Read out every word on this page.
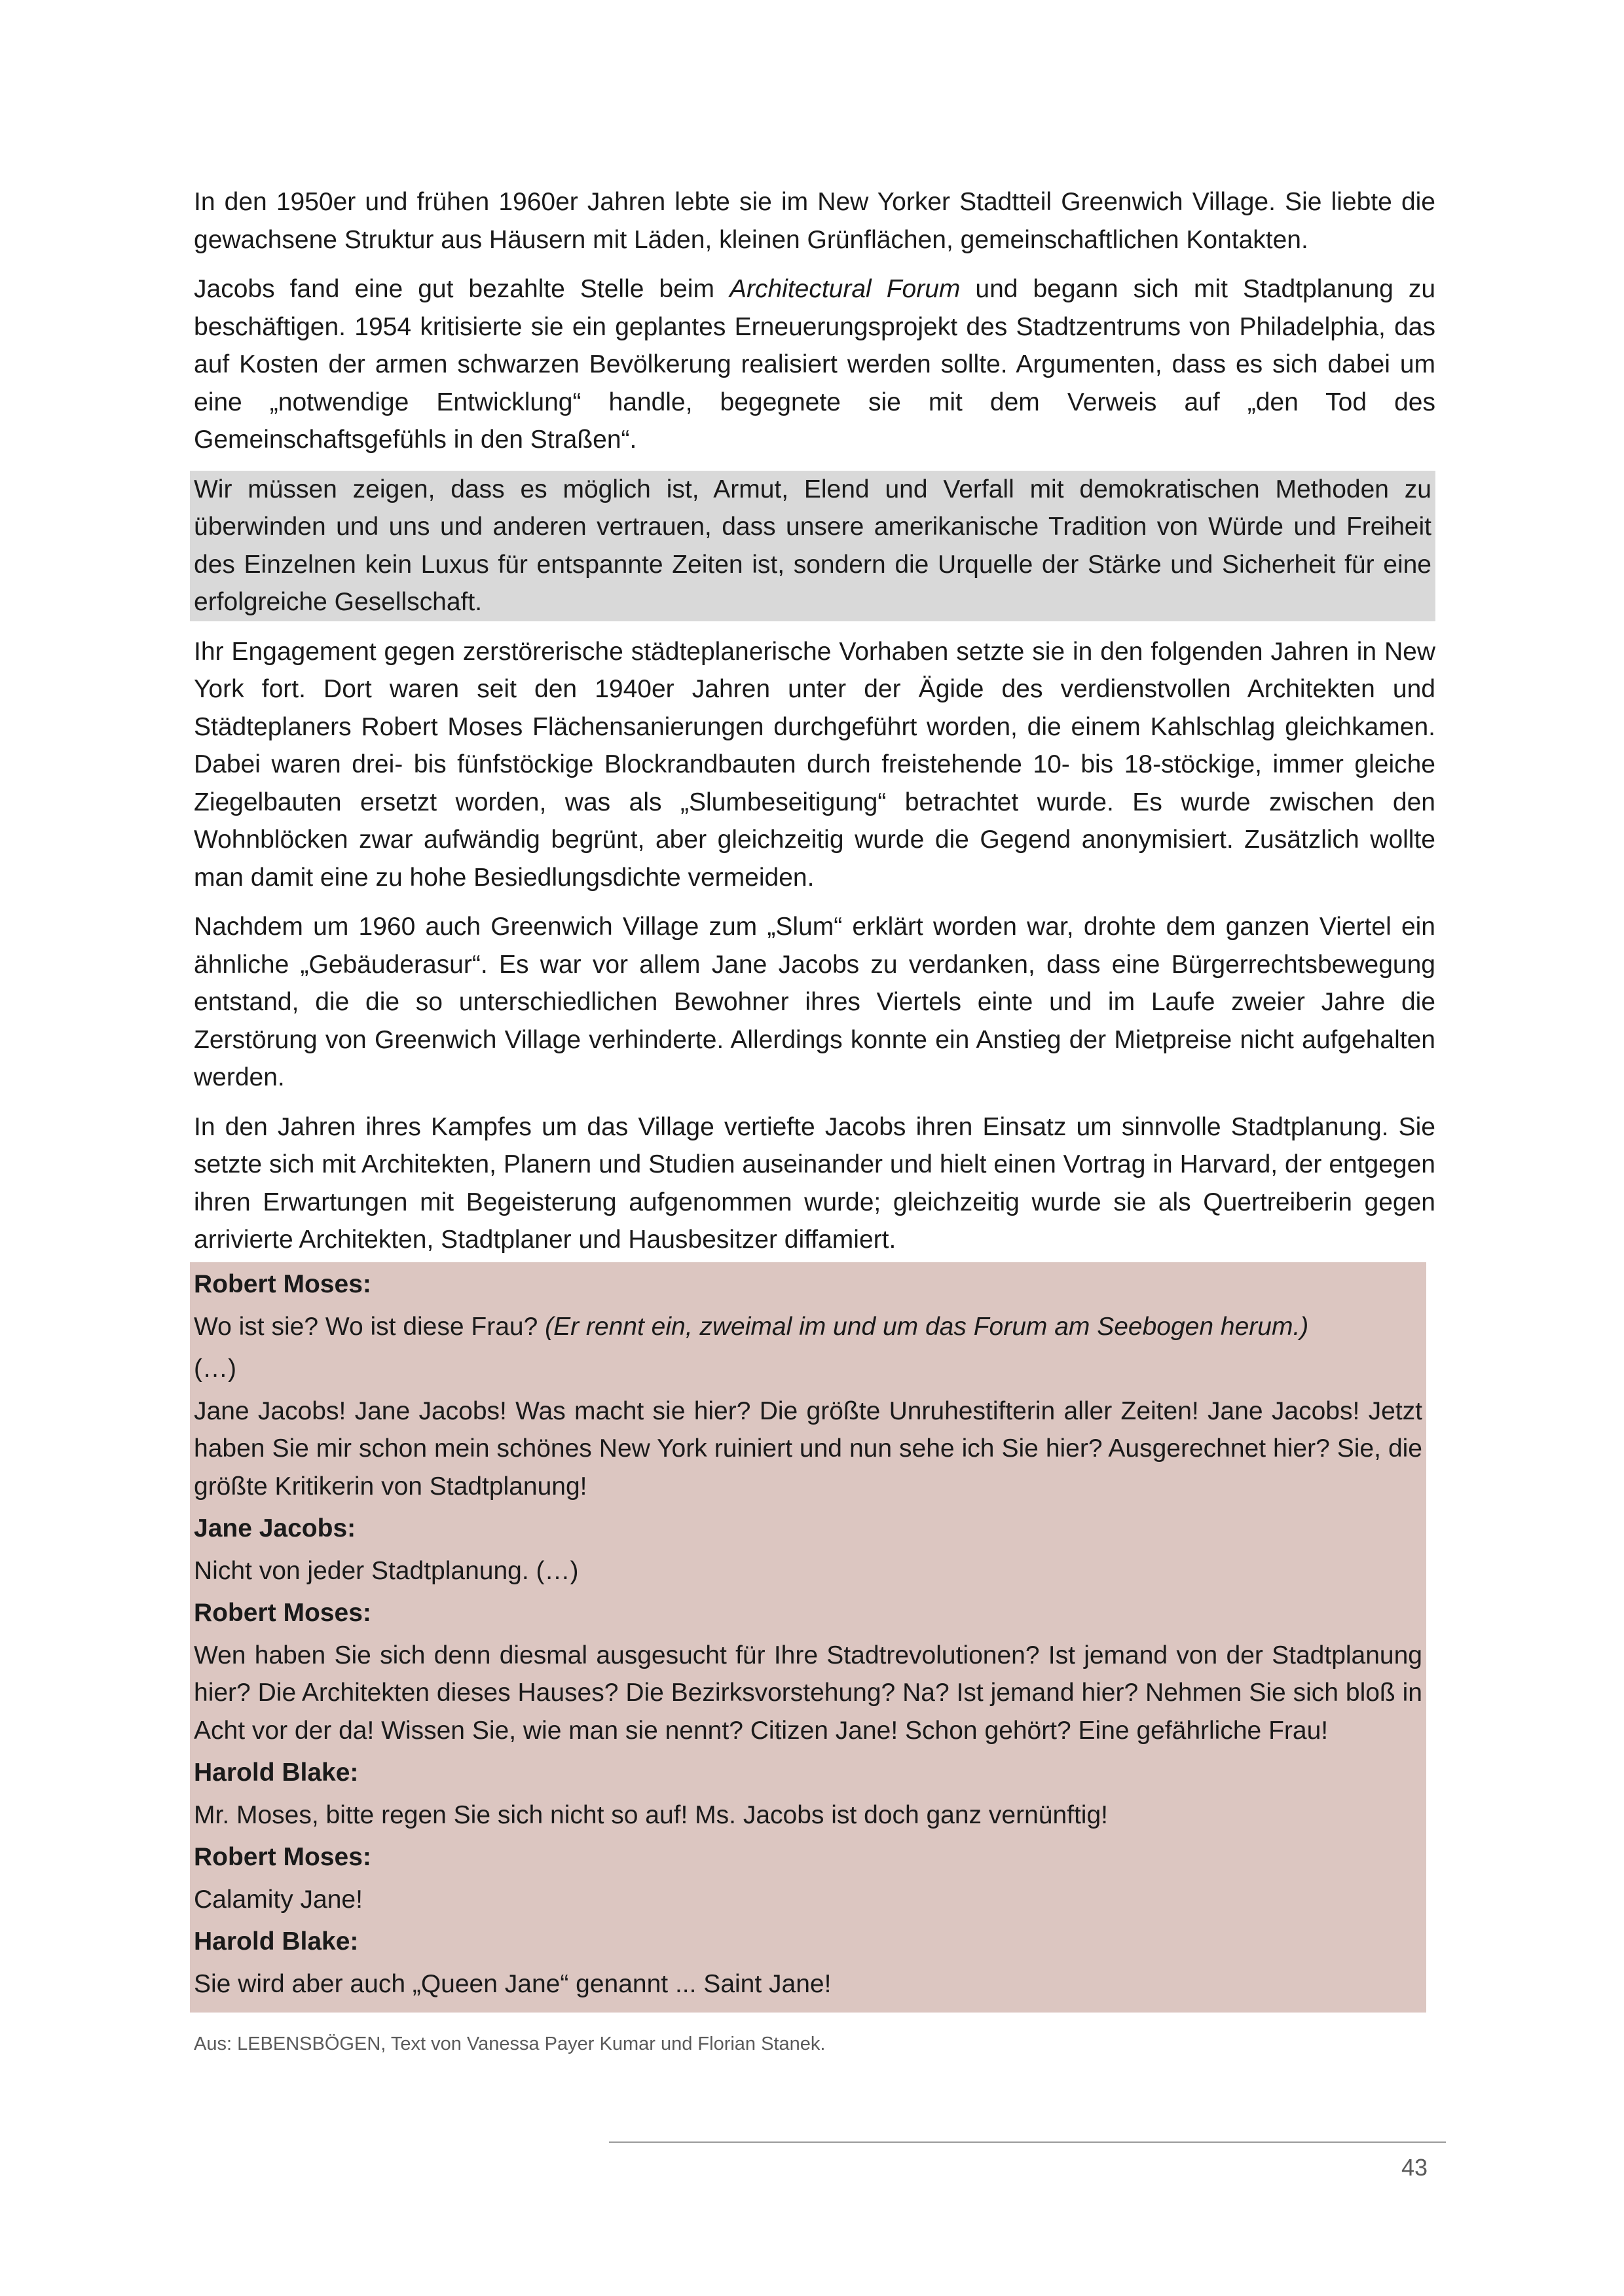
In den 1950er und frühen 1960er Jahren lebte sie im New Yorker Stadtteil Greenwich Village. Sie liebte die gewachsene Struktur aus Häusern mit Läden, kleinen Grünflächen, gemeinschaftlichen Kontakten.

Jacobs fand eine gut bezahlte Stelle beim Architectural Forum und begann sich mit Stadtplanung zu beschäftigen. 1954 kritisierte sie ein geplantes Erneuerungsprojekt des Stadtzentrums von Philadelphia, das auf Kosten der armen schwarzen Bevölkerung realisiert werden sollte. Argumenten, dass es sich dabei um eine „notwendige Entwicklung“ handle, begegnete sie mit dem Verweis auf „den Tod des Gemeinschaftsgefühls in den Straßen“.

Wir müssen zeigen, dass es möglich ist, Armut, Elend und Verfall mit demokratischen Methoden zu überwinden und uns und anderen vertrauen, dass unsere amerikanische Tradition von Würde und Freiheit des Einzelnen kein Luxus für entspannte Zeiten ist, sondern die Urquelle der Stärke und Sicherheit für eine erfolgreiche Gesellschaft.

Ihr Engagement gegen zerstörerische städteplanerische Vorhaben setzte sie in den folgenden Jahren in New York fort. Dort waren seit den 1940er Jahren unter der Ägide des verdienstvollen Architekten und Städteplaners Robert Moses Flächensanierungen durchgeführt worden, die einem Kahlschlag gleichkamen. Dabei waren drei- bis fünfstöckige Blockrandbauten durch freistehende 10- bis 18-stöckige, immer gleiche Ziegelbauten ersetzt worden, was als „Slumbeseitigung“ betrachtet wurde. Es wurde zwischen den Wohnblöcken zwar aufwändig begrünt, aber gleichzeitig wurde die Gegend anonymisiert. Zusätzlich wollte man damit eine zu hohe Besiedlungsdichte vermeiden.

Nachdem um 1960 auch Greenwich Village zum „Slum“ erklärt worden war, drohte dem ganzen Viertel ein ähnliche „Gebäuderasur“. Es war vor allem Jane Jacobs zu verdanken, dass eine Bürgerrechtsbewegung entstand, die die so unterschiedlichen Bewohner ihres Viertels einte und im Laufe zweier Jahre die Zerstörung von Greenwich Village verhinderte. Allerdings konnte ein Anstieg der Mietpreise nicht aufgehalten werden.

In den Jahren ihres Kampfes um das Village vertiefte Jacobs ihren Einsatz um sinnvolle Stadtplanung. Sie setzte sich mit Architekten, Planern und Studien auseinander und hielt einen Vortrag in Harvard, der entgegen ihren Erwartungen mit Begeisterung aufgenommen wurde; gleichzeitig wurde sie als Quertreiberin gegen arrivierte Architekten, Stadtplaner und Hausbesitzer diffamiert.

Robert Moses:
Wo ist sie? Wo ist diese Frau? (Er rennt ein, zweimal im und um das Forum am Seebogen herum.)
(…)
Jane Jacobs! Jane Jacobs! Was macht sie hier? Die größte Unruhestifterin aller Zeiten! Jane Jacobs! Jetzt haben Sie mir schon mein schönes New York ruiniert und nun sehe ich Sie hier? Ausgerechnet hier? Sie, die größte Kritikerin von Stadtplanung!
Jane Jacobs:
Nicht von jeder Stadtplanung. (…)
Robert Moses:
Wen haben Sie sich denn diesmal ausgesucht für Ihre Stadtrevolutionen? Ist jemand von der Stadtplanung hier? Die Architekten dieses Hauses? Die Bezirksvorstehung? Na? Ist jemand hier? Nehmen Sie sich bloß in Acht vor der da! Wissen Sie, wie man sie nennt? Citizen Jane! Schon gehört? Eine gefährliche Frau!
Harold Blake:
Mr. Moses, bitte regen Sie sich nicht so auf! Ms. Jacobs ist doch ganz vernünftig!
Robert Moses:
Calamity Jane!
Harold Blake:
Sie wird aber auch „Queen Jane“ genannt ... Saint Jane!
Aus: LEBENSBÖGEN, Text von Vanessa Payer Kumar und Florian Stanek.
43
